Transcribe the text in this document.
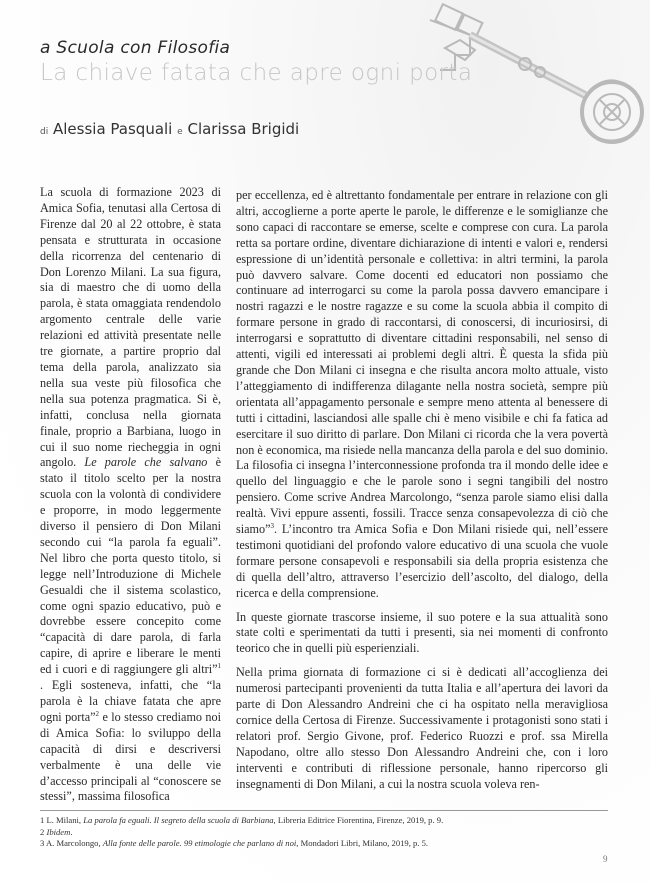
a Scuola con Filosofia
La chiave fatata che apre ogni porta
di Alessia Pasquali e Clarissa Brigidi
La scuola di formazione 2023 di Amica Sofia, tenutasi alla Certosa di Firenze dal 20 al 22 ottobre, è stata pensata e strutturata in occasione della ricorrenza del centenario di Don Lorenzo Milani. La sua figura, sia di maestro che di uomo della parola, è stata omaggiata rendendolo argomento centrale delle varie relazioni ed attività presentate nelle tre giornate, a partire proprio dal tema della parola, analizzato sia nella sua veste più filosofica che nella sua potenza pragmatica. Si è, infatti, conclusa nella giornata finale, proprio a Barbiana, luogo in cui il suo nome riecheggia in ogni angolo. Le parole che salvano è stato il titolo scelto per la nostra scuola con la volontà di condividere e proporre, in modo leggermente diverso il pensiero di Don Milani secondo cui “la parola fa eguali”. Nel libro che porta questo titolo, si legge nell’Introduzione di Michele Gesualdi che il sistema scolastico, come ogni spazio educativo, può e dovrebbe essere concepito come “capacità di dare parola, di farla capire, di aprire e liberare le menti ed i cuori e di raggiungere gli altri”$^1$ . Egli sosteneva, infatti, che “la parola è la chiave fatata che apre ogni porta”$^2$ e lo stesso crediamo noi di Amica Sofia: lo sviluppo della capacità di dirsi e descriversi verbalmente è una delle vie d’accesso principali al “conoscere se stessi”, massima filosofica

per eccellenza, ed è altrettanto fondamentale per entrare in relazione con gli altri, accoglierne a porte aperte le parole, le differenze e le somiglianze che sono capaci di raccontare se emerse, scelte e comprese con cura. La parola retta sa portare ordine, diventare dichiarazione di intenti e valori e, rendersi espressione di un’identità personale e collettiva: in altri termini, la parola può davvero salvare. Come docenti ed educatori non possiamo che continuare ad interrogarci su come la parola possa davvero emancipare i nostri ragazzi e le nostre ragazze e su come la scuola abbia il compito di formare persone in grado di raccontarsi, di conoscersi, di incuriosirsi, di interrogarsi e soprattutto di diventare cittadini responsabili, nel senso di attenti, vigili ed interessati ai problemi degli altri. È questa la sfida più grande che Don Milani ci insegna e che risulta ancora molto attuale, visto l’atteggiamento di indifferenza dilagante nella nostra società, sempre più orientata all’appagamento personale e sempre meno attenta al benessere di tutti i cittadini, lasciandosi alle spalle chi è meno visibile e chi fa fatica ad esercitare il suo diritto di parlare. Don Milani ci ricorda che la vera povertà non è economica, ma risiede nella mancanza della parola e del suo dominio. La filosofia ci insegna l’interconnessione profonda tra il mondo delle idee e quello del linguaggio e che le parole sono i segni tangibili del nostro pensiero. Come scrive Andrea Marcolongo, “senza parole siamo elisi dalla realtà. Vivi eppure assenti, fossili. Tracce senza consapevolezza di ciò che siamo”$^3$. L’incontro tra Amica Sofia e Don Milani risiede qui, nell’essere testimoni quotidiani del profondo valore educativo di una scuola che vuole formare persone consapevoli e responsabili sia della propria esistenza che di quella dell’altro, attraverso l’esercizio dell’ascolto, del dialogo, della ricerca e della comprensione.

In queste giornate trascorse insieme, il suo potere e la sua attualità sono state colti e sperimentati da tutti i presenti, sia nei momenti di confronto teorico che in quelli più esperienziali.

Nella prima giornata di formazione ci si è dedicati all’accoglienza dei numerosi partecipanti provenienti da tutta Italia e all’apertura dei lavori da parte di Don Alessandro Andreini che ci ha ospitato nella meravigliosa cornice della Certosa di Firenze. Successivamente i protagonisti sono stati i relatori prof. Sergio Givone, prof. Federico Ruozzi e prof. ssa Mirella Napodano, oltre allo stesso Don Alessandro Andreini che, con i loro interventi e contributi di riflessione personale, hanno ripercorso gli insegnamenti di Don Milani, a cui la nostra scuola voleva ren-

1 L. Milani, La parola fa eguali. Il segreto della scuola di Barbiana, Libreria Editrice Fiorentina, Firenze, 2019, p. 9.
2 Ibidem.
3 A. Marcolongo, Alla fonte delle parole. 99 etimologie che parlano di noi, Mondadori Libri, Milano, 2019, p. 5.
9
